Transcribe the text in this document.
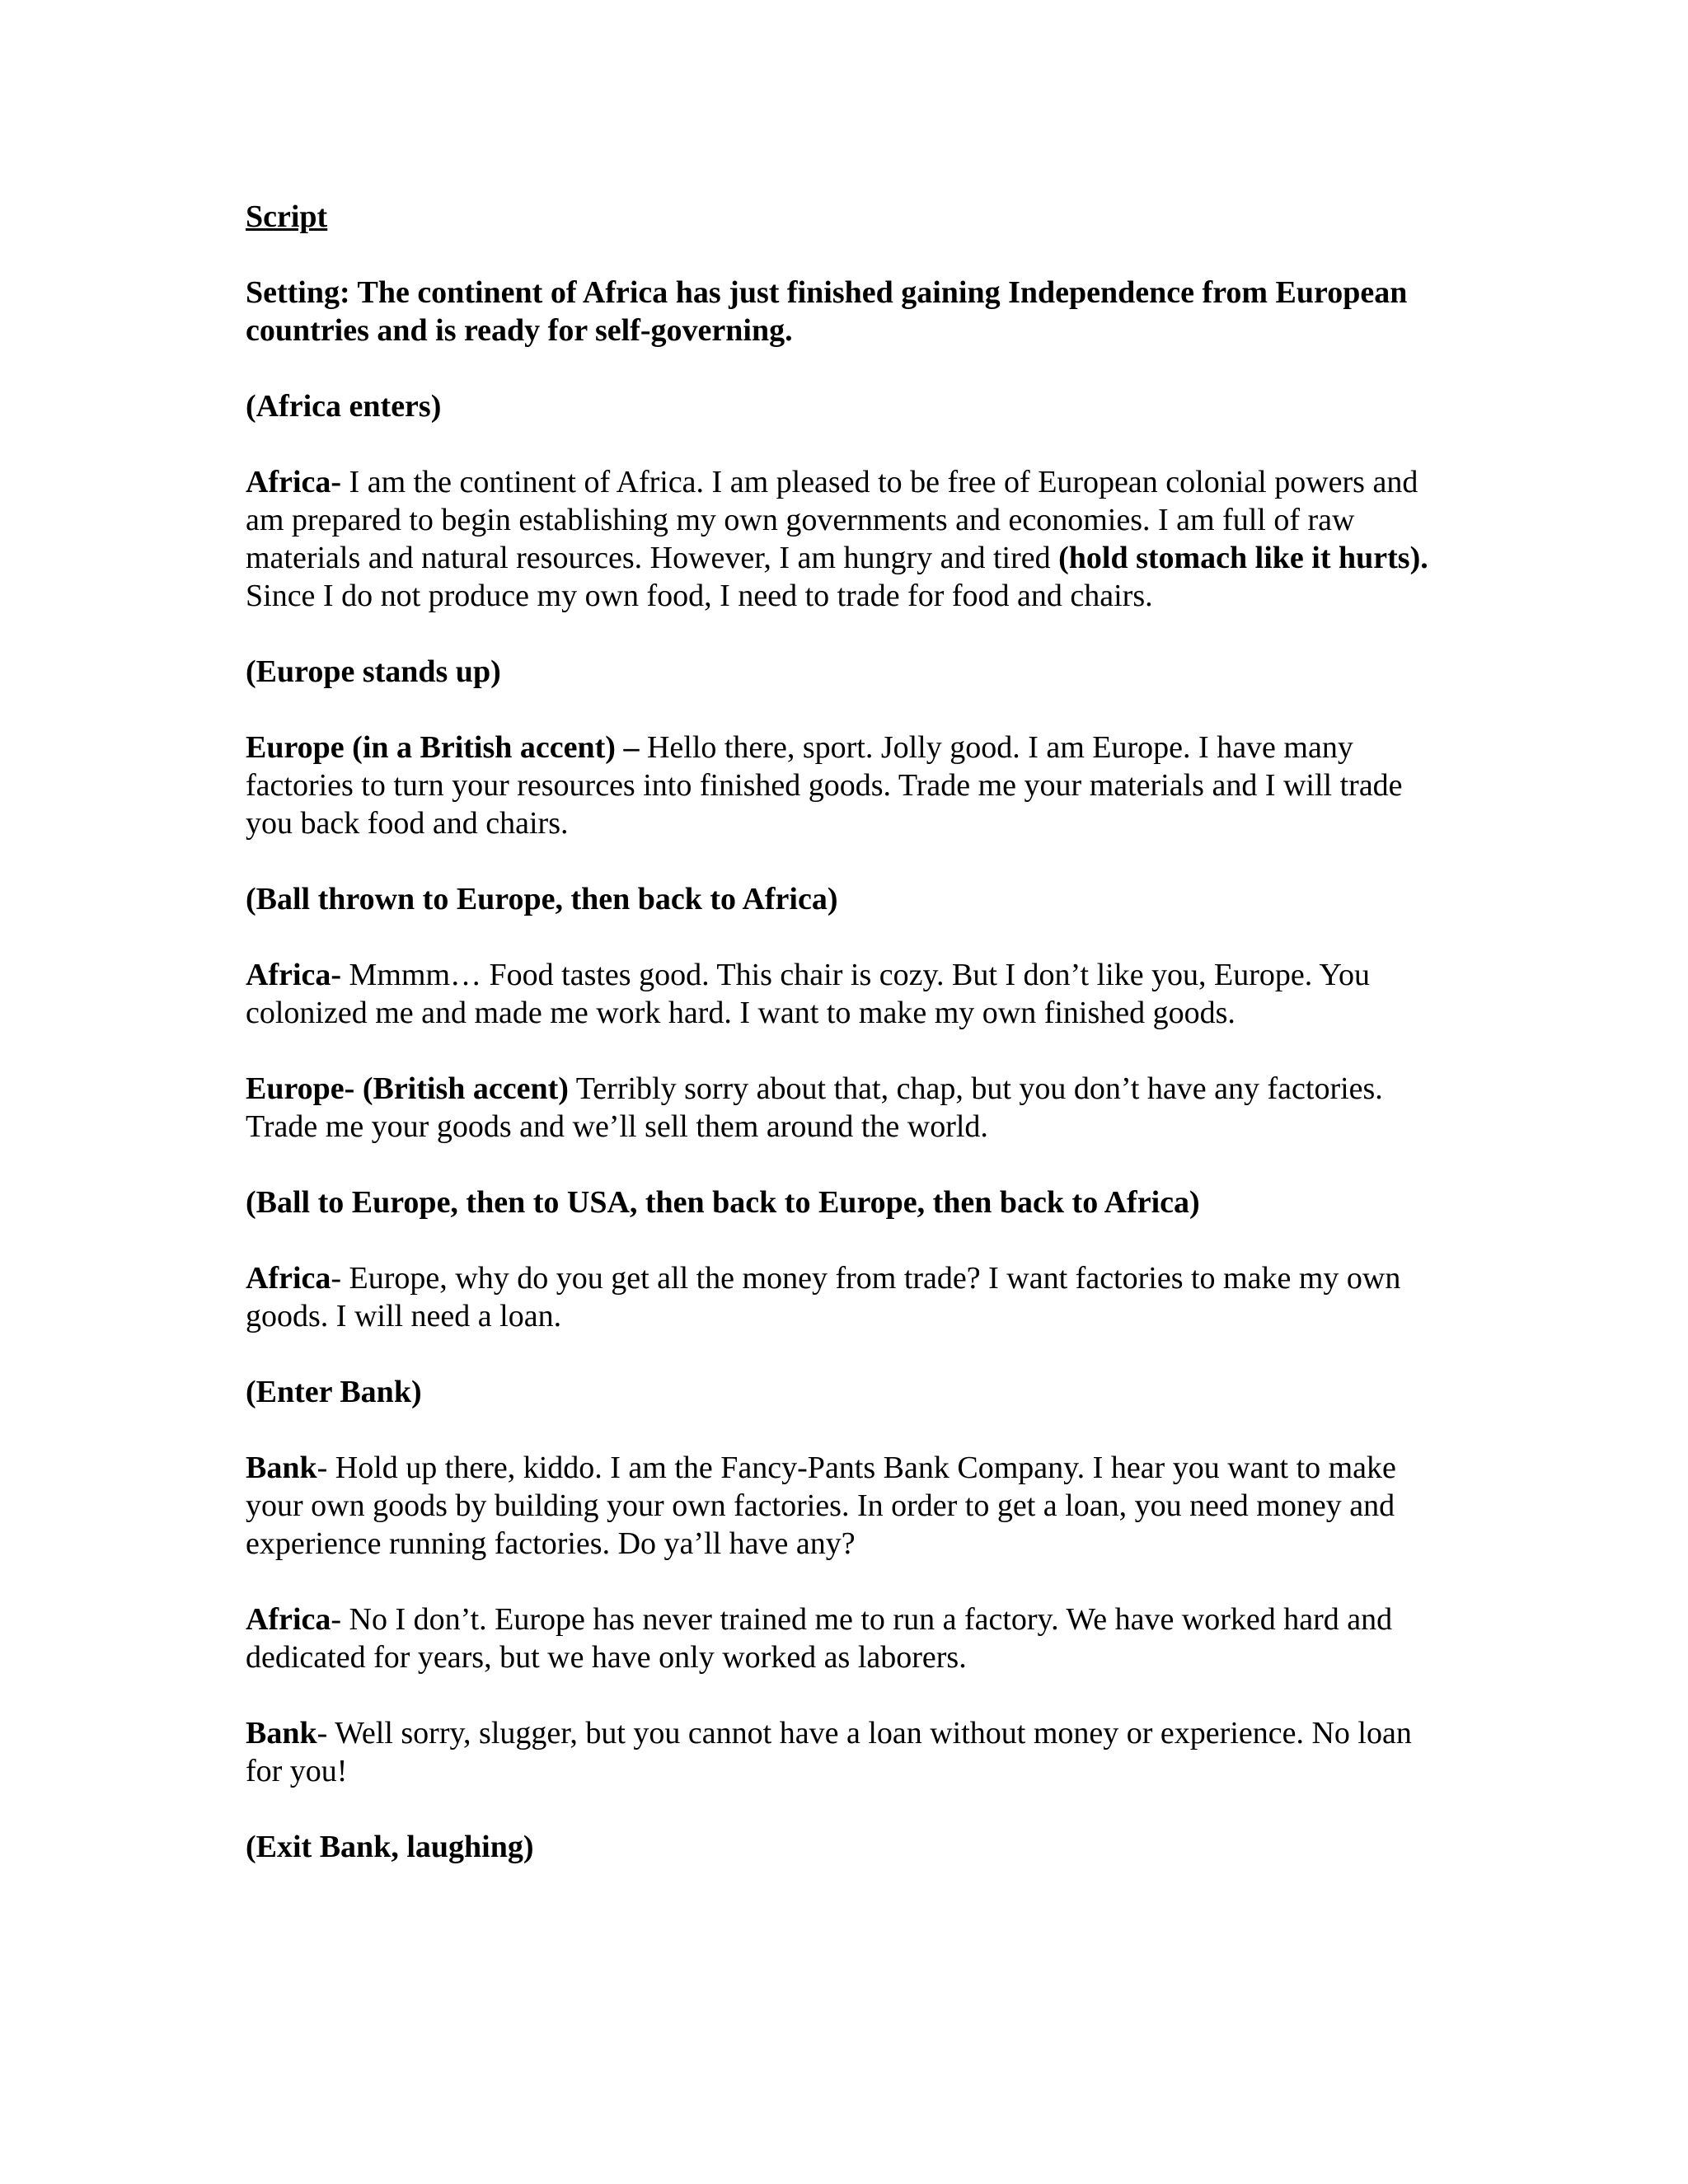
Script

Setting: The continent of Africa has just finished gaining Independence from European countries and is ready for self-governing.

(Africa enters)

Africa- I am the continent of Africa. I am pleased to be free of European colonial powers and am prepared to begin establishing my own governments and economies. I am full of raw materials and natural resources. However, I am hungry and tired (hold stomach like it hurts). Since I do not produce my own food, I need to trade for food and chairs.

(Europe stands up)

Europe (in a British accent) – Hello there, sport. Jolly good. I am Europe. I have many factories to turn your resources into finished goods. Trade me your materials and I will trade you back food and chairs.

(Ball thrown to Europe, then back to Africa)

Africa- Mmmm… Food tastes good. This chair is cozy. But I don’t like you, Europe. You colonized me and made me work hard. I want to make my own finished goods.

Europe- (British accent) Terribly sorry about that, chap, but you don’t have any factories. Trade me your goods and we’ll sell them around the world.

(Ball to Europe, then to USA, then back to Europe, then back to Africa)

Africa- Europe, why do you get all the money from trade? I want factories to make my own goods. I will need a loan.

(Enter Bank)

Bank- Hold up there, kiddo. I am the Fancy-Pants Bank Company. I hear you want to make your own goods by building your own factories. In order to get a loan, you need money and experience running factories. Do ya’ll have any?

Africa- No I don’t. Europe has never trained me to run a factory. We have worked hard and dedicated for years, but we have only worked as laborers.

Bank- Well sorry, slugger, but you cannot have a loan without money or experience. No loan for you!

(Exit Bank, laughing)
